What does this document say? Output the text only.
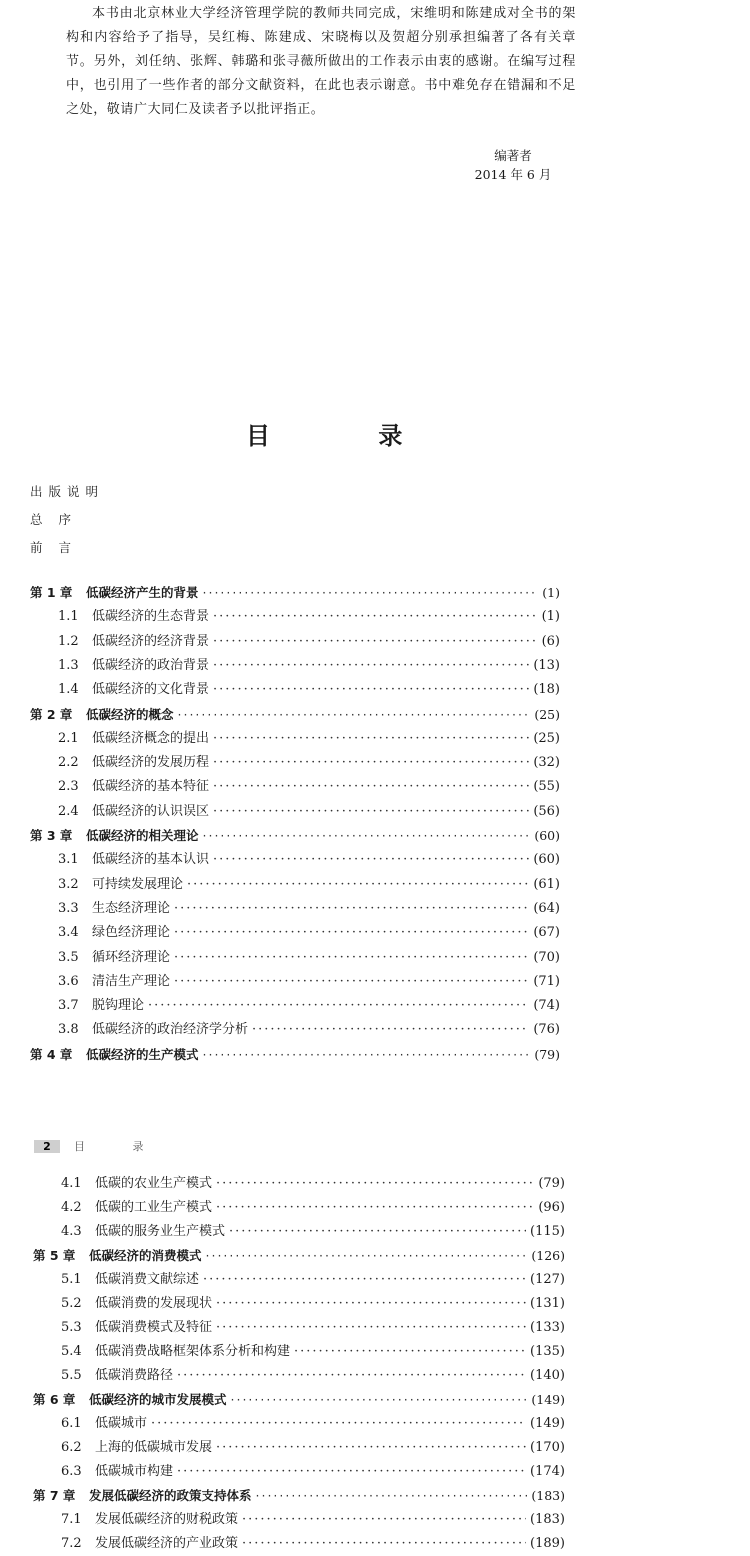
本书由北京林业大学经济管理学院的教师共同完成，宋维明和陈建成对全书的架构和内容给予了指导，吴红梅、陈建成、宋晓梅以及贺超分别承担编著了各有关章节。另外，刘任纳、张辉、韩璐和张寻薇所做出的工作表示由衷的感谢。在编写过程中，也引用了一些作者的部分文献资料，在此也表示谢意。书中难免存在错漏和不足之处，敬请广大同仁及读者予以批评指正。

编著者
2014 年 6 月
目 录
出版说明
总 序
前 言
第 1 章	低碳经济产生的背景 ·····	(1)
1.1	低碳经济的生态背景 ·····	(1)
1.2	低碳经济的经济背景 ·····	(6)
1.3	低碳经济的政治背景 ·····	(13)
1.4	低碳经济的文化背景 ·····	(18)
第 2 章	低碳经济的概念 ·····	(25)
2.1	低碳经济概念的提出 ·····	(25)
2.2	低碳经济的发展历程 ·····	(32)
2.3	低碳经济的基本特征 ·····	(55)
2.4	低碳经济的认识误区 ·····	(56)
第 3 章	低碳经济的相关理论 ·····	(60)
3.1	低碳经济的基本认识 ·····	(60)
3.2	可持续发展理论 ·····	(61)
3.3	生态经济理论 ·····	(64)
3.4	绿色经济理论 ·····	(67)
3.5	循环经济理论 ·····	(70)
3.6	清洁生产理论 ·····	(71)
3.7	脱钩理论 ·····	(74)
3.8	低碳经济的政治经济学分析 ·····	(76)
第 4 章	低碳经济的生产模式 ·····	(79)
2	目 录
4.1	低碳的农业生产模式 ·····	(79)
4.2	低碳的工业生产模式 ·····	(96)
4.3	低碳的服务业生产模式 ·····	(115)
第 5 章	低碳经济的消费模式 ·····	(126)
5.1	低碳消费文献综述 ·····	(127)
5.2	低碳消费的发展现状 ·····	(131)
5.3	低碳消费模式及特征 ·····	(133)
5.4	低碳消费战略框架体系分析和构建 ·····	(135)
5.5	低碳消费路径 ·····	(140)
第 6 章	低碳经济的城市发展模式 ·····	(149)
6.1	低碳城市 ·····	(149)
6.2	上海的低碳城市发展 ·····	(170)
6.3	低碳城市构建 ·····	(174)
第 7 章	发展低碳经济的政策支持体系 ·····	(183)
7.1	发展低碳经济的财税政策 ·····	(183)
7.2	发展低碳经济的产业政策 ·····	(189)
